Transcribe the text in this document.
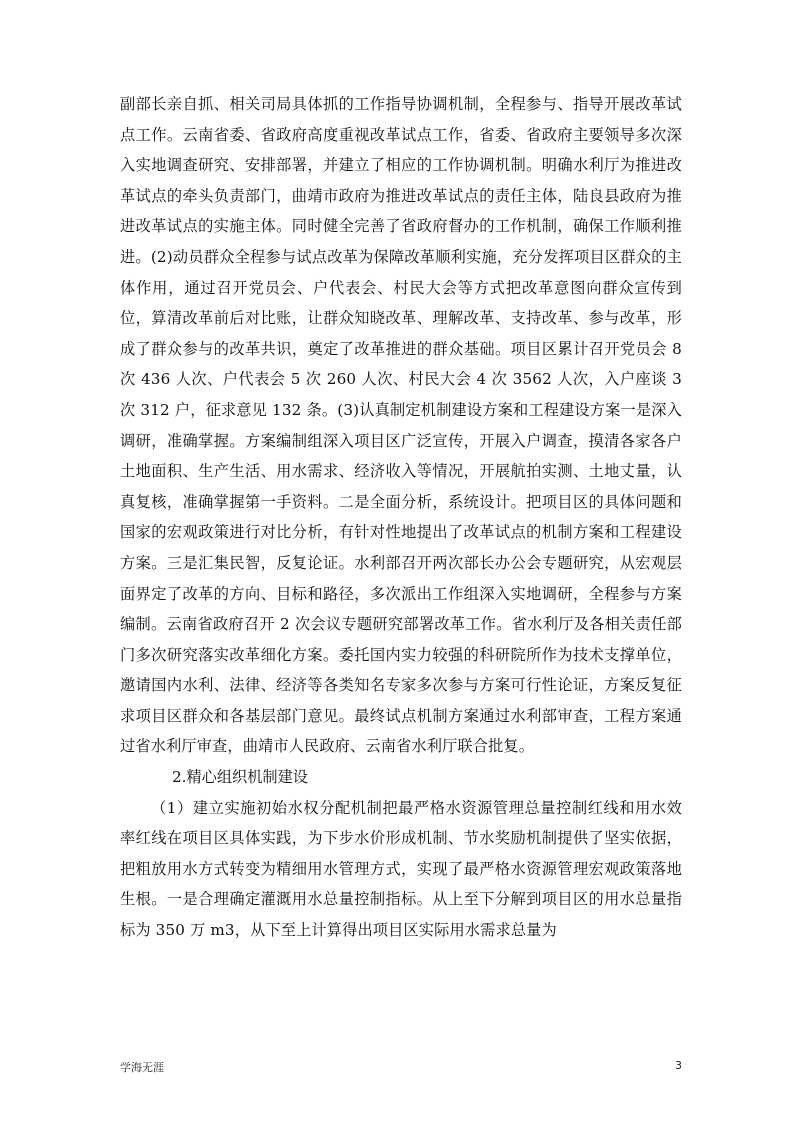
副部长亲自抓、相关司局具体抓的工作指导协调机制，全程参与、指导开展改革试点工作。云南省委、省政府高度重视改革试点工作，省委、省政府主要领导多次深入实地调查研究、安排部署，并建立了相应的工作协调机制。明确水利厅为推进改革试点的牵头负责部门，曲靖市政府为推进改革试点的责任主体，陆良县政府为推进改革试点的实施主体。同时健全完善了省政府督办的工作机制，确保工作顺利推进。(2)动员群众全程参与试点改革为保障改革顺利实施，充分发挥项目区群众的主体作用，通过召开党员会、户代表会、村民大会等方式把改革意图向群众宣传到位，算清改革前后对比账，让群众知晓改革、理解改革、支持改革、参与改革，形成了群众参与的改革共识，奠定了改革推进的群众基础。项目区累计召开党员会 8 次 436 人次、户代表会 5 次 260 人次、村民大会 4 次 3562 人次，入户座谈 3 次 312 户，征求意见 132 条。(3)认真制定机制建设方案和工程建设方案一是深入调研，准确掌握。方案编制组深入项目区广泛宣传，开展入户调查，摸清各家各户土地面积、生产生活、用水需求、经济收入等情况，开展航拍实测、土地丈量，认真复核，准确掌握第一手资料。二是全面分析，系统设计。把项目区的具体问题和国家的宏观政策进行对比分析，有针对性地提出了改革试点的机制方案和工程建设方案。三是汇集民智，反复论证。水利部召开两次部长办公会专题研究，从宏观层面界定了改革的方向、目标和路径，多次派出工作组深入实地调研，全程参与方案编制。云南省政府召开 2 次会议专题研究部署改革工作。省水利厅及各相关责任部门多次研究落实改革细化方案。委托国内实力较强的科研院所作为技术支撑单位，邀请国内水利、法律、经济等各类知名专家多次参与方案可行性论证，方案反复征求项目区群众和各基层部门意见。最终试点机制方案通过水利部审查，工程方案通过省水利厅审查，曲靖市人民政府、云南省水利厅联合批复。

2.精心组织机制建设

（1）建立实施初始水权分配机制把最严格水资源管理总量控制红线和用水效率红线在项目区具体实践，为下步水价形成机制、节水奖励机制提供了坚实依据，把粗放用水方式转变为精细用水管理方式，实现了最严格水资源管理宏观政策落地生根。一是合理确定灌溉用水总量控制指标。从上至下分解到项目区的用水总量指标为 350 万 m3，从下至上计算得出项目区实际用水需求总量为

学海无涯	3
